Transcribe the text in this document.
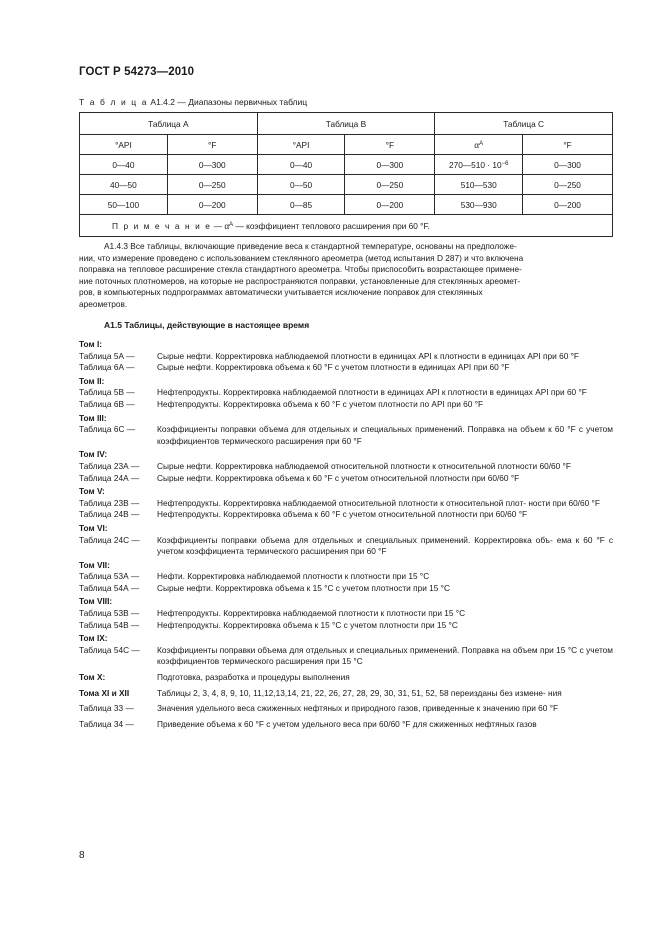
ГОСТ Р 54273—2010
Т а б л и ц а А1.4.2 — Диапазоны первичных таблиц
Таблица А		Таблица В		Таблица С	
°API	°F	°API	°F	$\alpha^A$	°F
0—40	0—300	0—40	0—300	270—510 · $10^{-6}$	0—300
40—50	0—250	0—50	0—250	510—530	0—250
50—100	0—200	0—85	0—200	530—930	0—200
П р и м е ч а н и е — $\alpha^A$ — коэффициент теплового расширения при 60 °F.					
А1.4.3 Все таблицы, включающие приведение веса к стандартной температуре, основаны на предположе-
нии, что измерение проведено с использованием стеклянного ареометра (метод испытания D 287) и что включена
поправка на тепловое расширение стекла стандартного ареометра. Чтобы приспособить возрастающее примене-
ние поточных плотномеров, на которые не распространяются поправки, установленные для стеклянных ареомет-
ров, в компьютерных подпрограммах автоматически учитывается исключение поправок для стеклянных
ареометров.
А1.5 Таблицы, действующие в настоящее время
Том I:
Таблица 5А —	Сырые нефти. Корректировка наблюдаемой плотности в единицах API к плотности в единицах API при 60 °F
Таблица 6А —	Сырые нефти. Корректировка объема к 60 °F с учетом плотности в единицах API при 60 °F
Том II:
Таблица 5В —	Нефтепродукты. Корректировка наблюдаемой плотности в единицах API к плотности в единицах API при 60 °F
Таблица 6В —	Нефтепродукты. Корректировка объема к 60 °F с учетом плотности по API при 60 °F
Том III:
Таблица 6С —	Коэффициенты поправки объема для отдельных и специальных применений. Поправка на объем к 60 °F с учетом коэффициентов термического расширения при 60 °F
Том IV:
Таблица 23А —	Сырые нефти. Корректировка наблюдаемой относительной плотности к относительной плотности 60/60 °F
Таблица 24А —	Сырые нефти. Корректировка объема к 60 °F с учетом относительной плотности при 60/60 °F
Том V:
Таблица 23В —	Нефтепродукты. Корректировка наблюдаемой относительной плотности к относительной плот- ности при 60/60 °F
Таблица 24В —	Нефтепродукты. Корректировка объема к 60 °F с учетом относительной плотности при 60/60 °F
Том VI:
Таблица 24С —	Коэффициенты поправки объема для отдельных и специальных применений. Корректировка объ- ема к 60 °F с учетом коэффициента термического расширения при 60 °F
Том VII:
Таблица 53А —	Нефти. Корректировка наблюдаемой плотности к плотности при 15 °С
Таблица 54А —	Сырые нефти. Корректировка объема к 15 °С с учетом плотности при 15 °С
Том VIII:
Таблица 53В —	Нефтепродукты. Корректировка наблюдаемой плотности к плотности при 15 °С
Таблица 54В —	Нефтепродукты. Корректировка объема к 15 °С с учетом плотности при 15 °С
Том IX:
Таблица 54С —	Коэффициенты поправки объема для отдельных и специальных применений. Поправка на объем при 15 °С с учетом коэффициентов термического расширения при 15 °С
Том X:	Подготовка, разработка и процедуры выполнения
Тома XI и XII	Таблицы 2, 3, 4, 8, 9, 10, 11,12,13,14, 21, 22, 26, 27, 28, 29, 30, 31, 51, 52, 58 переизданы без измене- ния
Таблица 33 —	Значения удельного веса сжиженных нефтяных и природного газов, приведенные к значению при 60 °F
Таблица 34 —	Приведение объема к 60 °F с учетом удельного веса при 60/60 °F для сжиженных нефтяных газов
8
